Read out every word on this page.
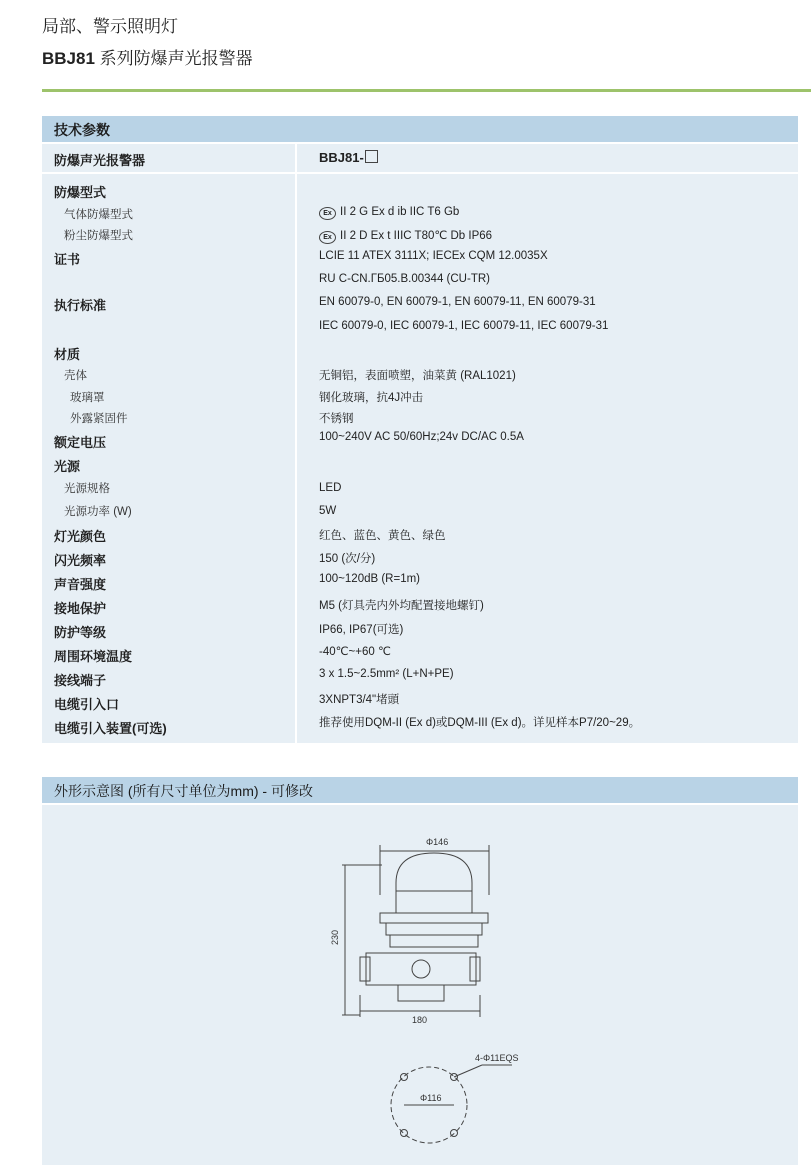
局部、警示照明灯
BBJ81 系列防爆声光报警器
技术参数
防爆声光报警器	BBJ81-
防爆型式
气体防爆型式	Ex II 2 G Ex d ib IIC T6 Gb
粉尘防爆型式	Ex II 2 D Ex t IIIC T80℃ Db IP66
证书	LCIE 11 ATEX 3111X; IECEx CQM 12.0035X
RU C-CN.ГБ05.B.00344 (CU-TR)
执行标准	EN 60079-0, EN 60079-1, EN 60079-11, EN 60079-31
IEC 60079-0, IEC 60079-1, IEC 60079-11, IEC 60079-31
材质
壳体	无铜铝，表面喷塑，油菜黄 (RAL1021)
玻璃罩	钢化玻璃，抗4J冲击
外露紧固件	不锈钢
额定电压	100~240V AC 50/60Hz;24v DC/AC 0.5A
光源
光源规格	LED
光源功率 (W)	5W
灯光颜色	红色、蓝色、黄色、绿色
闪光频率	150 (次/分)
声音强度	100~120dB (R=1m)
接地保护	M5 (灯具壳内外均配置接地螺钉)
防护等级	IP66, IP67(可选)
周围环境温度	-40℃~+60 ℃
接线端子	3 x 1.5~2.5mm² (L+N+PE)
电缆引入口	3XNPT3/4"堵頭
电缆引入装置(可选)	推荐使用DQM-II (Ex d)或DQM-III (Ex d)。详见样本P7/20~29。
外形示意图 (所有尺寸单位为mm) - 可修改
Φ146
230
180
4-Φ11EQS
Φ116
